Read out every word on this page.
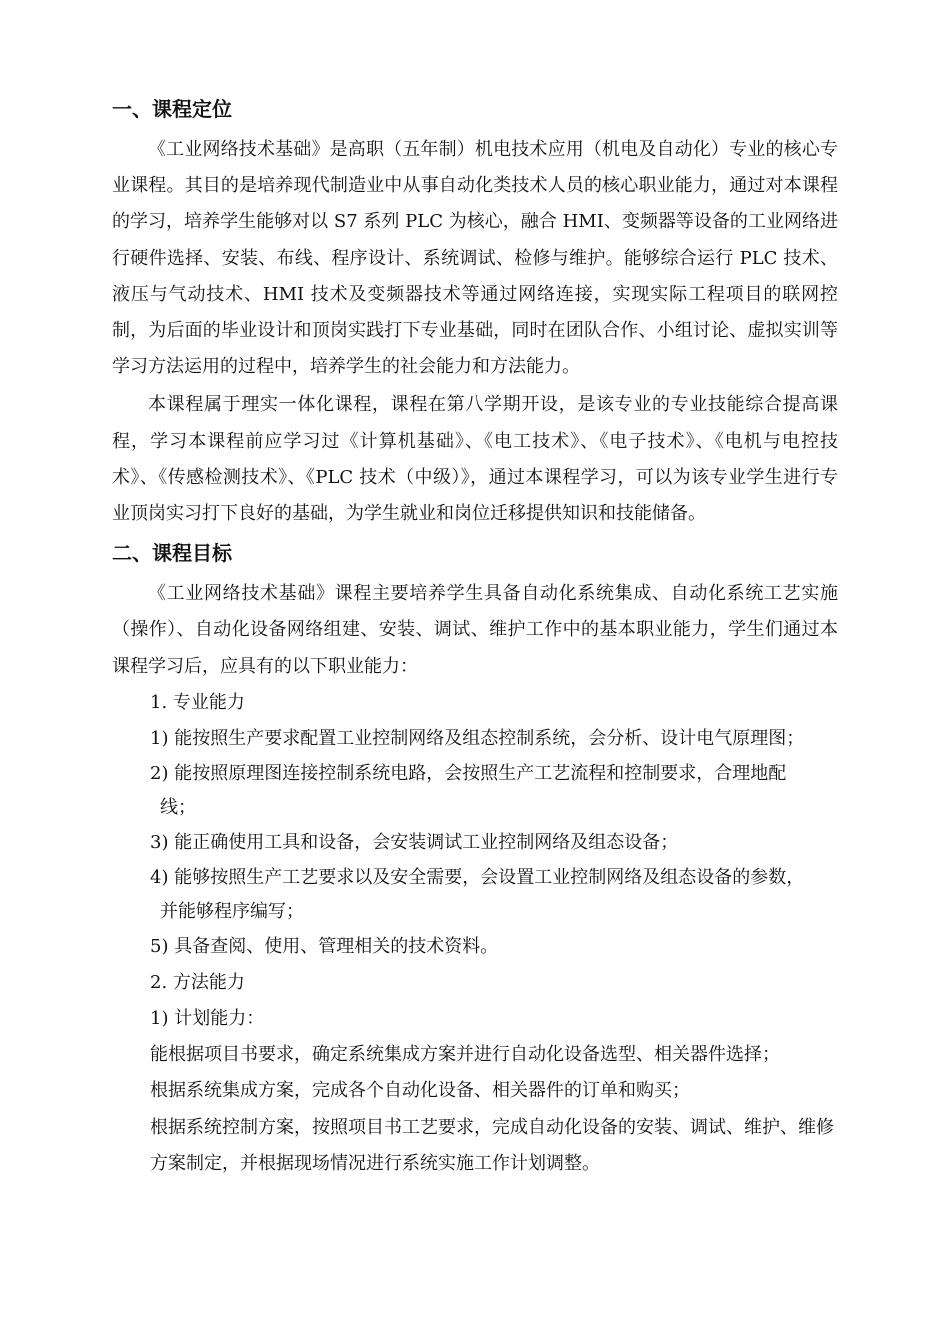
一、课程定位

《工业网络技术基础》是高职（五年制）机电技术应用（机电及自动化）专业的核心专业课程。其目的是培养现代制造业中从事自动化类技术人员的核心职业能力，通过对本课程的学习，培养学生能够对以 S7 系列 PLC 为核心，融合 HMI、变频器等设备的工业网络进行硬件选择、安装、布线、程序设计、系统调试、检修与维护。能够综合运行 PLC 技术、液压与气动技术、HMI 技术及变频器技术等通过网络连接，实现实际工程项目的联网控制，为后面的毕业设计和顶岗实践打下专业基础，同时在团队合作、小组讨论、虚拟实训等学习方法运用的过程中，培养学生的社会能力和方法能力。

本课程属于理实一体化课程，课程在第八学期开设，是该专业的专业技能综合提高课程，学习本课程前应学习过《计算机基础》、《电工技术》、《电子技术》、《电机与电控技术》、《传感检测技术》、《PLC 技术（中级）》，通过本课程学习，可以为该专业学生进行专业顶岗实习打下良好的基础，为学生就业和岗位迁移提供知识和技能储备。

二、课程目标

《工业网络技术基础》课程主要培养学生具备自动化系统集成、自动化系统工艺实施（操作）、自动化设备网络组建、安装、调试、维护工作中的基本职业能力，学生们通过本课程学习后，应具有的以下职业能力：

1. 专业能力

1) 能按照生产要求配置工业控制网络及组态控制系统，会分析、设计电气原理图；

2) 能按照原理图连接控制系统电路，会按照生产工艺流程和控制要求，合理地配
线；

3) 能正确使用工具和设备，会安装调试工业控制网络及组态设备；

4) 能够按照生产工艺要求以及安全需要，会设置工业控制网络及组态设备的参数，
并能够程序编写；

5) 具备查阅、使用、管理相关的技术资料。

2. 方法能力

1) 计划能力：

能根据项目书要求，确定系统集成方案并进行自动化设备选型、相关器件选择；

根据系统集成方案，完成各个自动化设备、相关器件的订单和购买；

根据系统控制方案，按照项目书工艺要求，完成自动化设备的安装、调试、维护、维修方案制定，并根据现场情况进行系统实施工作计划调整。
